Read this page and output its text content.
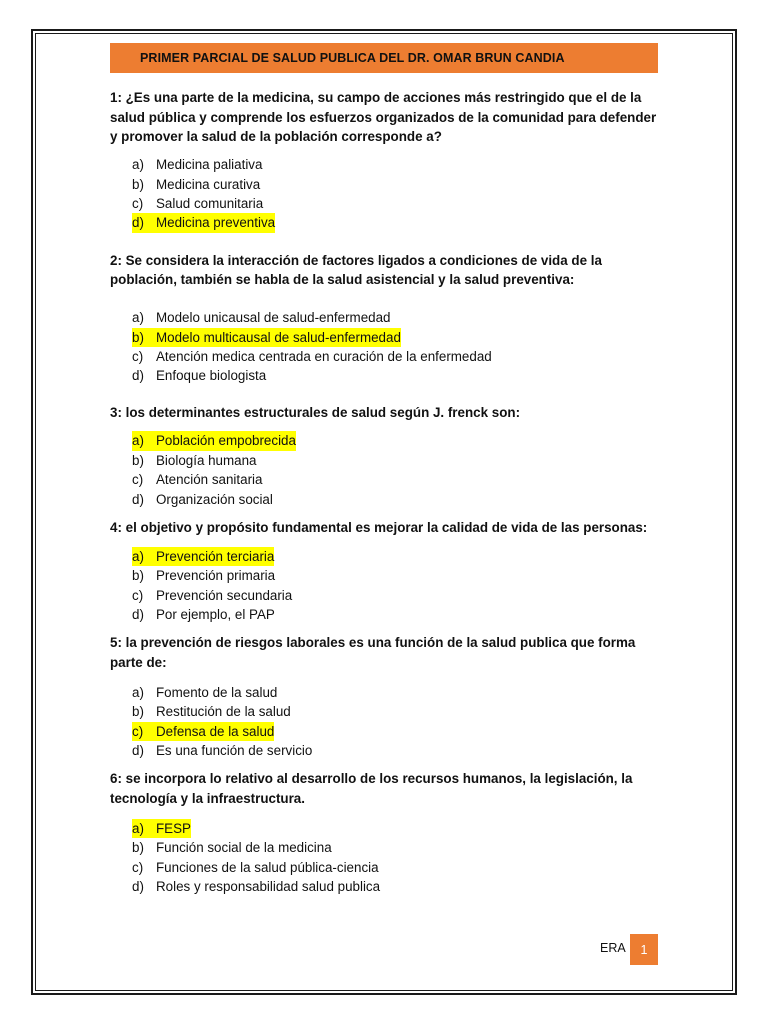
PRIMER PARCIAL DE SALUD PUBLICA DEL DR. OMAR BRUN CANDIA

1: ¿Es una parte de la medicina, su campo de acciones más restringido que el de la salud pública y comprende los esfuerzos organizados de la comunidad para defender y promover la salud de la población corresponde a?

a) Medicina paliativa
b) Medicina curativa
c) Salud comunitaria
d) Medicina preventiva

2: Se considera la interacción de factores ligados a condiciones de vida de la población, también se habla de la salud asistencial y la salud preventiva:

a) Modelo unicausal de salud-enfermedad
b) Modelo multicausal de salud-enfermedad
c) Atención medica centrada en curación de la enfermedad
d) Enfoque biologista

3: los determinantes estructurales de salud según J. frenck son:

a) Población empobrecida
b) Biología humana
c) Atención sanitaria
d) Organización social

4: el objetivo y propósito fundamental es mejorar la calidad de vida de las personas:

a) Prevención terciaria
b) Prevención primaria
c) Prevención secundaria
d) Por ejemplo, el PAP

5: la prevención de riesgos laborales es una función de la salud publica que forma parte de:

a) Fomento de la salud
b) Restitución de la salud
c) Defensa de la salud
d) Es una función de servicio

6: se incorpora lo relativo al desarrollo de los recursos humanos, la legislación, la tecnología y la infraestructura.

a) FESP
b) Función social de la medicina
c) Funciones de la salud pública-ciencia
d) Roles y responsabilidad salud publica
ERA 1
